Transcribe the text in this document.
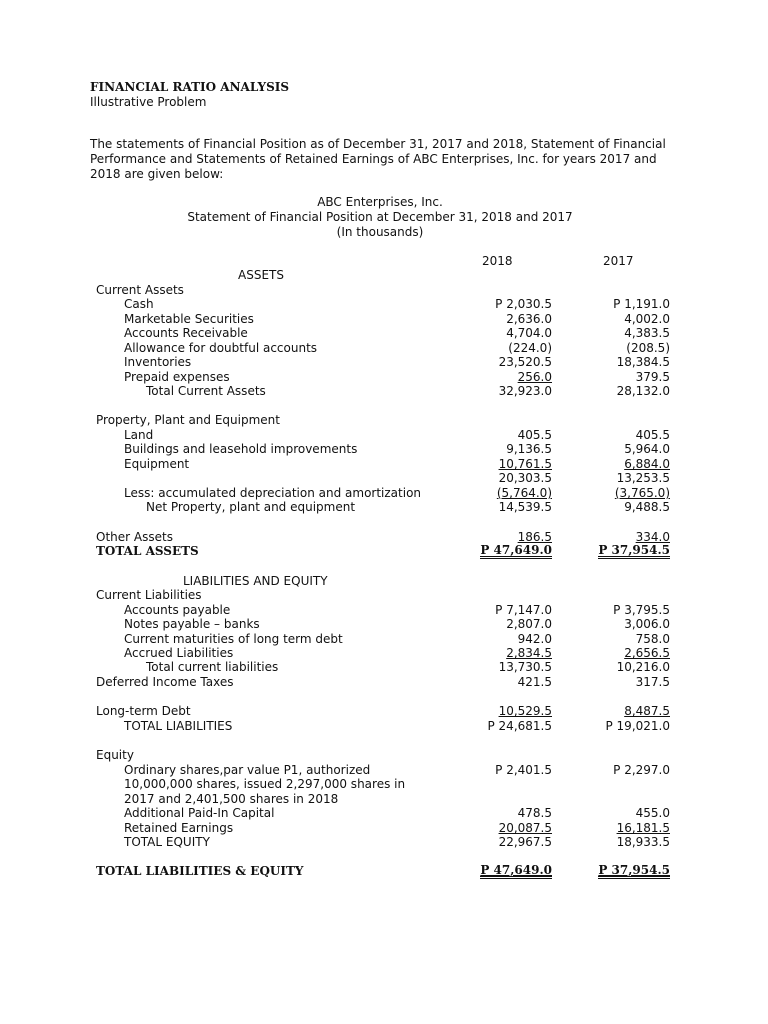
FINANCIAL RATIO ANALYSIS
Illustrative Problem
The statements of Financial Position as of December 31, 2017 and 2018, Statement of Financial Performance and Statements of Retained Earnings of ABC Enterprises, Inc. for years 2017 and 2018 are given below:
ABC Enterprises, Inc.
Statement of Financial Position at December 31, 2018 and 2017
(In thousands)
2018	2017
ASSETS
Current Assets
Cash	P 2,030.5	P 1,191.0
Marketable Securities	2,636.0	4,002.0
Accounts Receivable	4,704.0	4,383.5
Allowance for doubtful accounts	(224.0)	(208.5)
Inventories	23,520.5	18,384.5
Prepaid expenses	256.0	379.5
Total Current Assets	32,923.0	28,132.0
Property, Plant and Equipment
Land	405.5	405.5
Buildings and leasehold improvements	9,136.5	5,964.0
Equipment	10,761.5	6,884.0
20,303.5	13,253.5
Less: accumulated depreciation and amortization	(5,764.0)	(3,765.0)
Net Property, plant and equipment	14,539.5	9,488.5
Other Assets	186.5	334.0
TOTAL ASSETS	P 47,649.0	P 37,954.5
LIABILITIES AND EQUITY
Current Liabilities
Accounts payable	P 7,147.0	P 3,795.5
Notes payable – banks	2,807.0	3,006.0
Current maturities of long term debt	942.0	758.0
Accrued Liabilities	2,834.5	2,656.5
Total current liabilities	13,730.5	10,216.0
Deferred Income Taxes	421.5	317.5
Long-term Debt	10,529.5	8,487.5
TOTAL LIABILITIES	P 24,681.5	P 19,021.0
Equity
Ordinary shares,par value P1, authorized	P 2,401.5	P 2,297.0
10,000,000 shares, issued 2,297,000 shares in
2017 and 2,401,500 shares in 2018
Additional Paid-In Capital	478.5	455.0
Retained Earnings	20,087.5	16,181.5
TOTAL EQUITY	22,967.5	18,933.5
TOTAL LIABILITIES & EQUITY	P 47,649.0	P 37,954.5
